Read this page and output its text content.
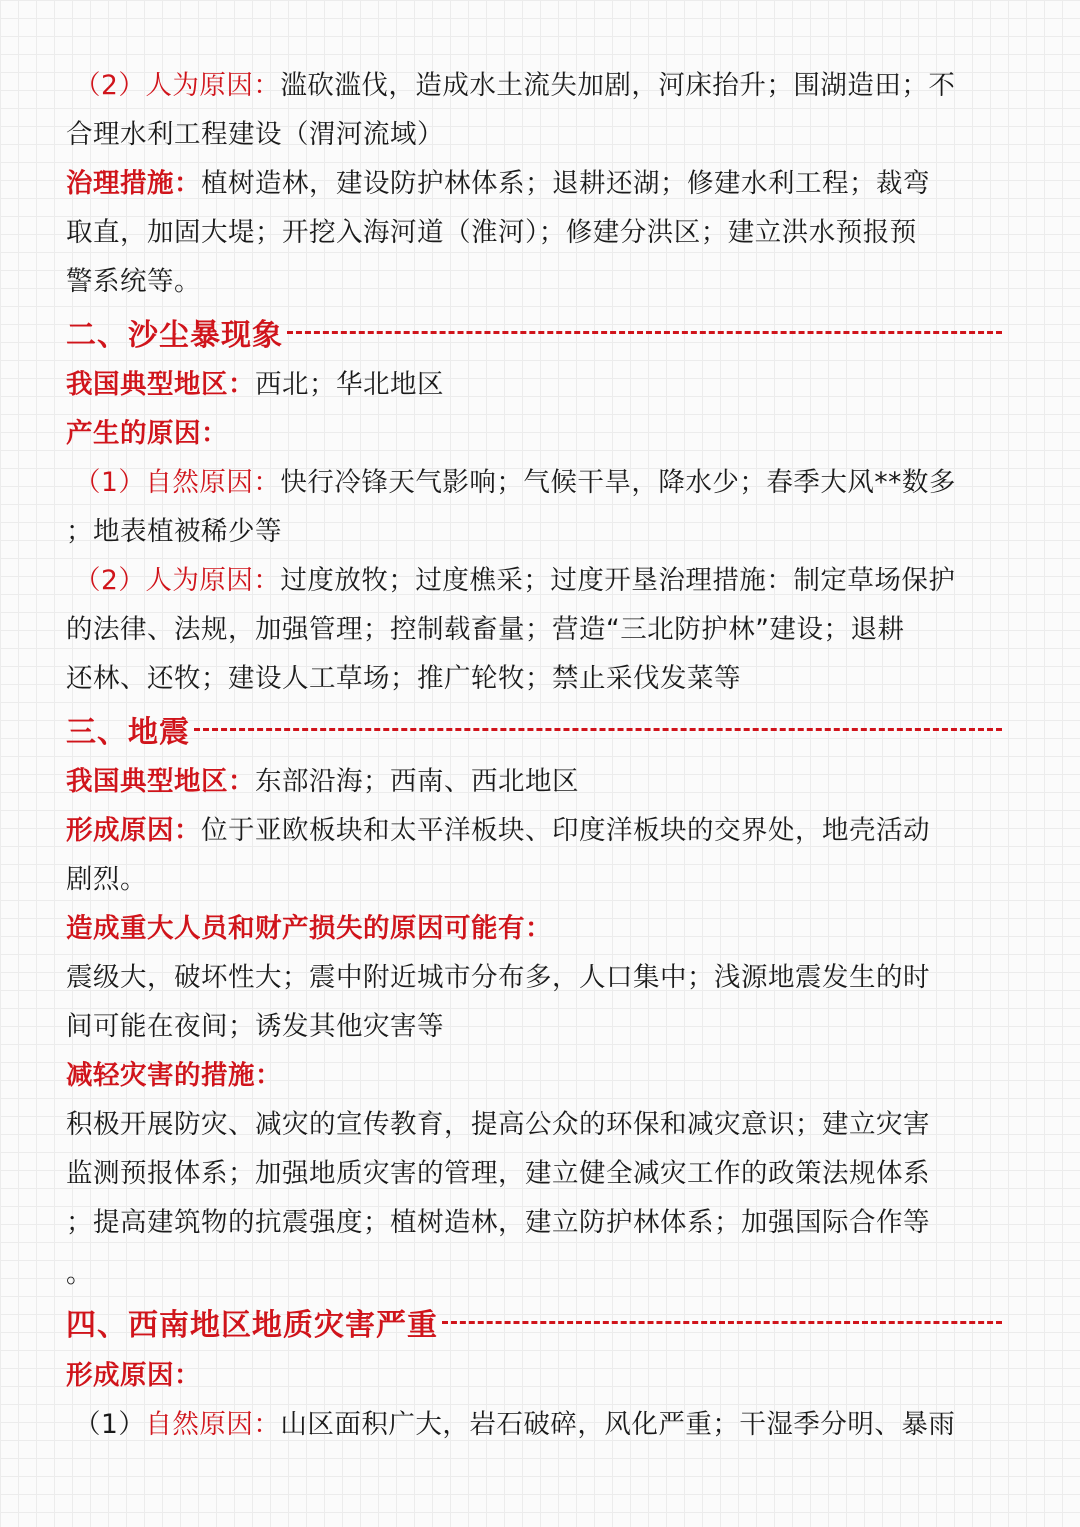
（2）人为原因：滥砍滥伐，造成水土流失加剧，河床抬升；围湖造田；不
合理水利工程建设（渭河流域）
治理措施：植树造林，建设防护林体系；退耕还湖；修建水利工程；裁弯
取直，加固大堤；开挖入海河道（淮河）；修建分洪区；建立洪水预报预
警系统等。
二、沙尘暴现象
我国典型地区：西北；华北地区
产生的原因：
（1）自然原因：快行冷锋天气影响；气候干旱，降水少；春季大风**数多
；地表植被稀少等
（2）人为原因：过度放牧；过度樵采；过度开垦治理措施：制定草场保护
的法律、法规，加强管理；控制载畜量；营造“三北防护林”建设；退耕
还林、还牧；建设人工草场；推广轮牧；禁止采伐发菜等
三、地震
我国典型地区：东部沿海；西南、西北地区
形成原因：位于亚欧板块和太平洋板块、印度洋板块的交界处，地壳活动
剧烈。
造成重大人员和财产损失的原因可能有：
震级大，破坏性大；震中附近城市分布多，人口集中；浅源地震发生的时
间可能在夜间；诱发其他灾害等
减轻灾害的措施：
积极开展防灾、减灾的宣传教育，提高公众的环保和减灾意识；建立灾害
监测预报体系；加强地质灾害的管理，建立健全减灾工作的政策法规体系
；提高建筑物的抗震强度；植树造林，建立防护林体系；加强国际合作等
。
四、西南地区地质灾害严重
形成原因：
（1）自然原因：山区面积广大，岩石破碎，风化严重；干湿季分明、暴雨
